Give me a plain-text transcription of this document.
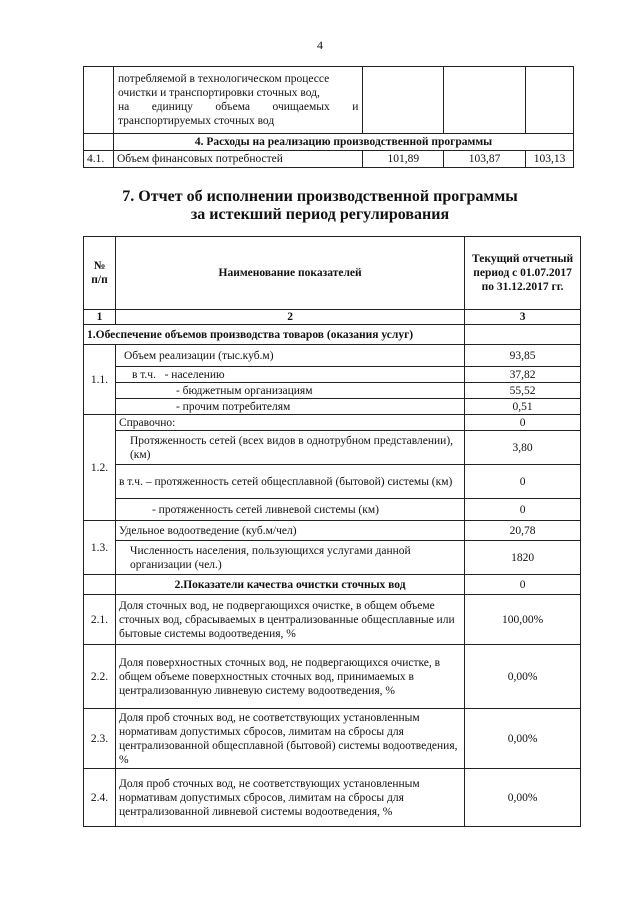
4

	потребляемой в технологическом процессе
очистки и транспортировки сточных вод,
на единицу объема очищаемых и
транспортируемых сточных вод			

	4. Расходы на реализацию производственной программы			
4.1.	Объем финансовых потребностей	101,89	103,87	103,13
7. Отчет об исполнении производственной программы
за истекший период регулирования
№ п/п	Наименование показателей	Текущий отчетный период с 01.07.2017 по 31.12.2017 гг.
1	2	3
1.Обеспечение объемов производства товаров (оказания услуг)		
1.1.	Объем реализации (тыс.куб.м)	93,85
	в т.ч.   - населению	37,82
	- бюджетным организациям	55,52
	- прочим потребителям	0,51
1.2.	Справочно:	0
	Протяженность сетей (всех видов в однотрубном представлении), (км)	3,80
	в т.ч. – протяженность сетей общесплавной (бытовой) системы (км)	0
	- протяженность сетей ливневой системы (км)	0
1.3.	Удельное водоотведение (куб.м/чел)	20,78
	Численность населения, пользующихся услугами данной организации (чел.)	1820
	2.Показатели качества очистки сточных вод	0
2.1.	Доля сточных вод, не подвергающихся очистке, в общем объеме сточных вод, сбрасываемых в централизованные общесплавные или бытовые системы водоотведения, %	100,00%
2.2.	Доля поверхностных сточных вод, не подвергающихся очистке, в общем объеме поверхностных сточных вод, принимаемых в централизованную ливневую систему водоотведения, %	0,00%
2.3.	Доля проб сточных вод, не соответствующих установленным нормативам допустимых сбросов, лимитам на сбросы для централизованной общесплавной (бытовой) системы водоотведения, %	0,00%
2.4.	Доля проб сточных вод, не соответствующих установленным нормативам допустимых сбросов, лимитам на сбросы для централизованной ливневой системы водоотведения, %	0,00%
